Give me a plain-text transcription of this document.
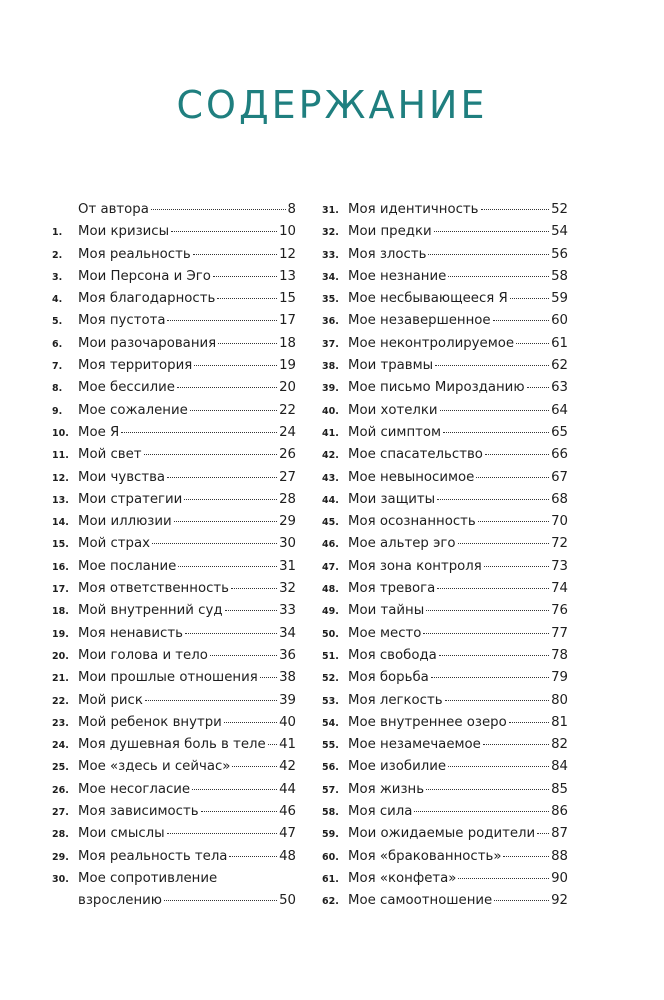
СОДЕРЖАНИЕ
От автора	8
1.	Мои кризисы	10
2.	Моя реальность	12
3.	Мои Персона и Эго	13
4.	Моя благодарность	15
5.	Моя пустота	17
6.	Мои разочарования	18
7.	Моя территория	19
8.	Мое бессилие	20
9.	Мое сожаление	22
10. Мое Я	24
11. Мой свет	26
12. Мои чувства	27
13. Мои стратегии	28
14. Мои иллюзии	29
15. Мой страх	30
16. Мое послание	31
17. Моя ответственность	32
18. Мой внутренний суд	33
19. Моя ненависть	34
20. Мои голова и тело	36
21. Мои прошлые отношения 38
22. Мой риск	39
23. Мой ребенок внутри	40
24. Моя душевная боль в теле 41
25. Мое «здесь и сейчас»	42
26. Мое несогласие	44
27. Моя зависимость	46
28. Мои смыслы	47
29. Моя реальность тела	48
30. Мое сопротивление
взрослению	50
31. Моя идентичность	52
32. Мои предки	54
33. Моя злость	56
34. Мое незнание	58
35. Мое несбывающееся Я	59
36. Мое незавершенное	60
37. Мое неконтролируемое	61
38. Мои травмы	62
39. Мое письмо Мирозданию 63
40. Мои хотелки	64
41. Мой симптом	65
42. Мое спасательство	66
43. Мое невыносимое	67
44. Мои защиты	68
45. Моя осознанность	70
46. Мое альтер эго	72
47. Моя зона контроля	73
48. Моя тревога	74
49. Мои тайны	76
50. Мое место	77
51. Моя свобода	78
52. Моя борьба	79
53. Моя легкость	80
54. Мое внутреннее озеро	81
55. Мое незамечаемое	82
56. Мое изобилие	84
57. Моя жизнь	85
58. Моя сила	86
59. Мои ожидаемые родители 87
60. Моя «бракованность»	88
61. Моя «конфета»	90
62. Мое самоотношение	92
